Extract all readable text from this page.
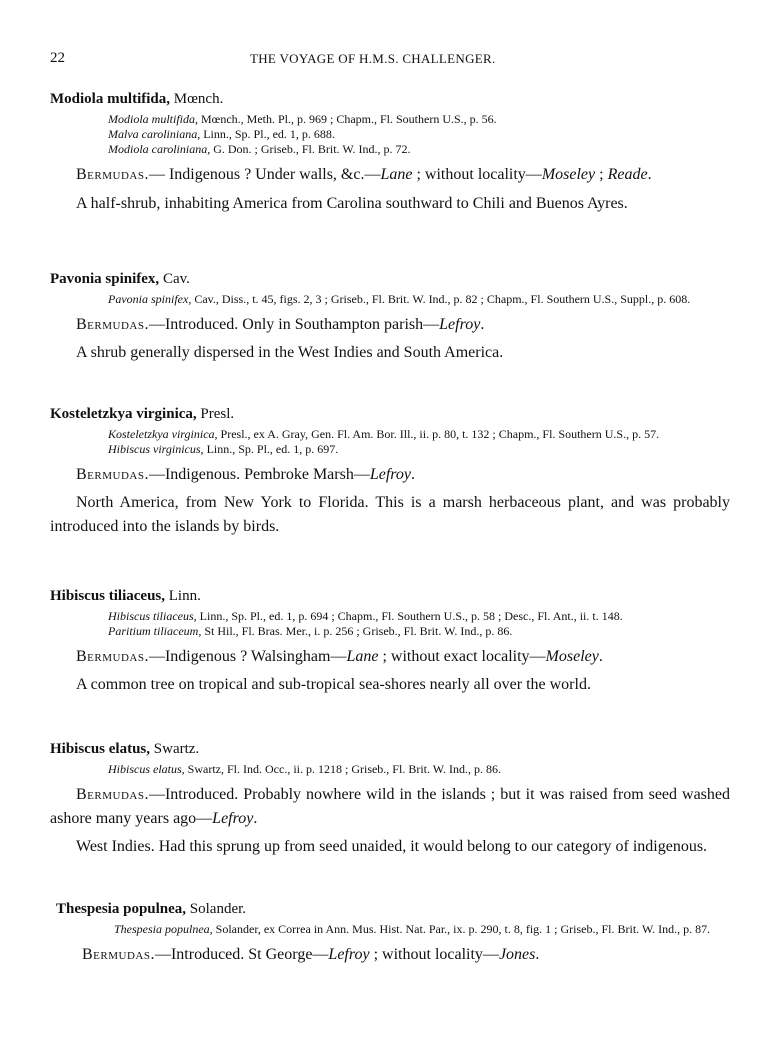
22	THE VOYAGE OF H.M.S. CHALLENGER.

Modiola multifida, Mœnch.

Modiola multifida, Mœnch., Meth. Pl., p. 969 ; Chapm., Fl. Southern U.S., p. 56.

Malva caroliniana, Linn., Sp. Pl., ed. 1, p. 688.

Modiola caroliniana, G. Don. ; Griseb., Fl. Brit. W. Ind., p. 72.

Bermudas.— Indigenous ? Under walls, &c.—Lane ; without locality—Moseley ; Reade.

A half-shrub, inhabiting America from Carolina southward to Chili and Buenos Ayres.

Pavonia spinifex, Cav.

Pavonia spinifex, Cav., Diss., t. 45, figs. 2, 3 ; Griseb., Fl. Brit. W. Ind., p. 82 ; Chapm., Fl. Southern U.S., Suppl., p. 608.

Bermudas.—Introduced. Only in Southampton parish—Lefroy.

A shrub generally dispersed in the West Indies and South America.

Kosteletzkya virginica, Presl.

Kosteletzkya virginica, Presl., ex A. Gray, Gen. Fl. Am. Bor. Ill., ii. p. 80, t. 132 ; Chapm., Fl. Southern U.S., p. 57.

Hibiscus virginicus, Linn., Sp. Pl., ed. 1, p. 697.

Bermudas.—Indigenous. Pembroke Marsh—Lefroy.

North America, from New York to Florida. This is a marsh herbaceous plant, and was probably introduced into the islands by birds.

Hibiscus tiliaceus, Linn.

Hibiscus tiliaceus, Linn., Sp. Pl., ed. 1, p. 694 ; Chapm., Fl. Southern U.S., p. 58 ; Desc., Fl. Ant., ii. t. 148.

Paritium tiliaceum, St Hil., Fl. Bras. Mer., i. p. 256 ; Griseb., Fl. Brit. W. Ind., p. 86.

Bermudas.—Indigenous ? Walsingham—Lane ; without exact locality—Moseley.

A common tree on tropical and sub-tropical sea-shores nearly all over the world.

Hibiscus elatus, Swartz.

Hibiscus elatus, Swartz, Fl. Ind. Occ., ii. p. 1218 ; Griseb., Fl. Brit. W. Ind., p. 86.

Bermudas.—Introduced. Probably nowhere wild in the islands ; but it was raised from seed washed ashore many years ago—Lefroy.

West Indies. Had this sprung up from seed unaided, it would belong to our category of indigenous.

Thespesia populnea, Solander.

Thespesia populnea, Solander, ex Correa in Ann. Mus. Hist. Nat. Par., ix. p. 290, t. 8, fig. 1 ; Griseb., Fl. Brit. W. Ind., p. 87.

Bermudas.—Introduced. St George—Lefroy ; without locality—Jones.
